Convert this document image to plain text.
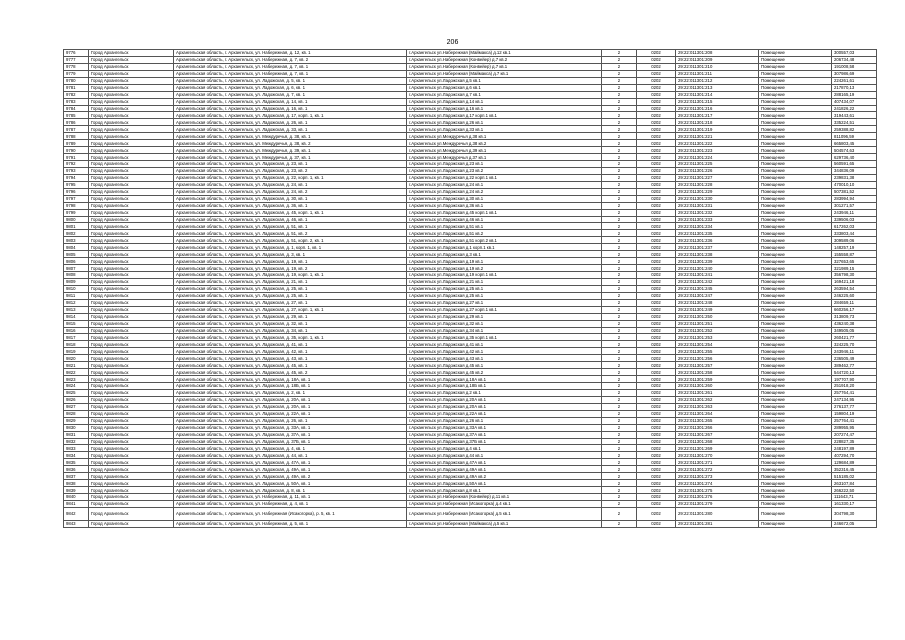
206
9776	Город Архангельск	Архангельская область, г. Архангельск, ул. Набережная, д. 12, кв. 1	г.Архангельск ул.Набережная (Маймакса) д.12 кв.1	2	0202	29:22:011301:208	Помещение	300557,03
9777	Город Архангельск	Архангельская область, г. Архангельск, ул. Набережная, д. 7, кв. 2	г.Архангельск ул.Набережная (Конвейер) д.7 кв.2	2	0202	29:22:011301:209	Помещение	206734,48
9778	Город Архангельск	Архангельская область, г. Архангельск, ул. Набережная, д. 7, кв. 1	г.Архангельск ул.Набережная (Конвейер) д.7 кв.1	2	0202	29:22:011301:210	Помещение	191008,58
9779	Город Архангельск	Архангельская область, г. Архангельск, ул. Набережная, д. 7, кв. 1	г.Архангельск ул.Набережная (Маймакса) д.7 кв.1	2	0202	29:22:011301:211	Помещение	307986,69
9780	Город Архангельск	Архангельская область, г. Архангельск, ул. Ладожская, д. 5, кв. 1	г.Архангельск ул.Ладожская д.5 кв.1	2	0202	29:22:011301:212	Помещение	224261,61
9781	Город Архангельск	Архангельская область, г. Архангельск, ул. Ладожская, д. 6, кв. 1	г.Архангельск ул.Ладожская д.6 кв.1	2	0202	29:22:011301:213	Помещение	217870,13
9782	Город Архангельск	Архангельская область, г. Архангельск, ул. Ладожская, д. 7, кв. 1	г.Архангельск ул.Ладожская д.7 кв.1	2	0202	29:22:011301:214	Помещение	288165,19
9783	Город Архангельск	Архангельская область, г. Архангельск, ул. Ладожская, д. 14, кв. 1	г.Архангельск ул.Ладожская д.14 кв.1	2	0202	29:22:011301:215	Помещение	407434,07
9784	Город Архангельск	Архангельская область, г. Архангельск, ул. Ладожская, д. 16, кв. 1	г.Архангельск ул.Ладожская д.16 кв.1	2	0202	29:22:011301:216	Помещение	241826,22
9785	Город Архангельск	Архангельская область, г. Архангельск, ул. Ладожская, д. 17, корп. 1, кв. 1	г.Архангельск ул.Ладожская д.17 корп.1 кв.1	2	0202	29:22:011301:217	Помещение	319443,61
9786	Город Архангельск	Архангельская область, г. Архангельск, ул. Ладожская, д. 26, кв. 1	г.Архангельск ул.Ладожская д.26 кв.1	2	0202	29:22:011301:218	Помещение	335224,51
9787	Город Архангельск	Архангельская область, г. Архангельск, ул. Ладожская, д. 33, кв. 1	г.Архангельск ул.Ладожская д.33 кв.1	2	0202	29:22:011301:219	Помещение	259388,82
9788	Город Архангельск	Архангельская область, г. Архангельск, ул. Междуречья, д. 38, кв. 1	г.Архангельск ул.Междуречья д.38 кв.1	2	0202	29:22:011301:221	Помещение	811096,59
9789	Город Архангельск	Архангельская область, г. Архангельск, ул. Междуречья, д. 38, кв. 2	г.Архангельск ул.Междуречья д.38 кв.2	2	0202	29:22:011301:222	Помещение	665803,45
9790	Город Архангельск	Архангельская область, г. Архангельск, ул. Междуречья, д. 39, кв. 1	г.Архангельск ул.Междуречья д.39 кв.1	2	0202	29:22:011301:223	Помещение	504574,63
9791	Город Архангельск	Архангельская область, г. Архангельск, ул. Междуречья, д. 37, кв. 1	г.Архангельск ул.Междуречья д.37 кв.1	2	0202	29:22:011301:224	Помещение	629736,40
9792	Город Архангельск	Архангельская область, г. Архангельск, ул. Ладожская, д. 23, кв. 1	г.Архангельск ул.Ладожская д.23 кв.1	2	0202	29:22:011301:225	Помещение	560591,65
9793	Город Архангельск	Архангельская область, г. Архангельск, ул. Ладожская, д. 23, кв. 2	г.Архангельск ул.Ладожская д.23 кв.2	2	0202	29:22:011301:226	Помещение	344836,09
9794	Город Архангельск	Архангельская область, г. Архангельск, ул. Ладожская, д. 22, корп. 1, кв. 1	г.Архангельск ул.Ладожская д.22 корп.1 кв.1	2	0202	29:22:011301:227	Помещение	239831,38
9795	Город Архангельск	Архангельская область, г. Архангельск, ул. Ладожская, д. 24, кв. 1	г.Архангельск ул.Ладожская д.24 кв.1	2	0202	29:22:011301:228	Помещение	470010,10
9796	Город Архангельск	Архангельская область, г. Архангельск, ул. Ладожская, д. 24, кв. 2	г.Архангельск ул.Ладожская д.24 кв.2	2	0202	29:22:011301:229	Помещение	507381,52
9797	Город Архангельск	Архангельская область, г. Архангельск, ул. Ладожская, д. 30, кв. 1	г.Архангельск ул.Ладожская д.30 кв.1	2	0202	29:22:011301:230	Помещение	283994,94
9798	Город Архангельск	Архангельская область, г. Архангельск, ул. Ладожская, д. 36, кв. 1	г.Архангельск ул.Ладожская д.36 кв.1	2	0202	29:22:011301:231	Помещение	301271,57
9799	Город Архангельск	Архангельская область, г. Архангельск, ул. Ладожская, д. 45, корп. 1, кв. 1	г.Архангельск ул.Ладожская д.45 корп.1 кв.1	2	0202	29:22:011301:232	Помещение	243946,11
9800	Город Архангельск	Архангельская область, г. Архангельск, ул. Ладожская, д. 46, кв. 1	г.Архангельск ул.Ладожская д.46 кв.1	2	0202	29:22:011301:233	Помещение	339506,03
9801	Город Архангельск	Архангельская область, г. Архангельск, ул. Ладожская, д. 51, кв. 1	г.Архангельск ул.Ладожская д.51 кв.1	2	0202	29:22:011301:234	Помещение	617262,03
9802	Город Архангельск	Архангельская область, г. Архангельск, ул. Ладожская, д. 51, кв. 2	г.Архангельск ул.Ладожская д.51 кв.2	2	0202	29:22:011301:235	Помещение	333803,44
9803	Город Архангельск	Архангельская область, г. Архангельск, ул. Ладожская, д. 51, корп. 2, кв. 1	г.Архангельск ул.Ладожская д.51 корп.2 кв.1	2	0202	29:22:011301:236	Помещение	309589,06
9804	Город Архангельск	Архангельская область, г. Архангельск, ул. Ладожская, д. 1, корп. 1, кв. 1	г.Архангельск ул.Ладожская д.1 корп.1 кв.1	2	0202	29:22:011301:237	Помещение	148257,19
9805	Город Архангельск	Архангельская область, г. Архангельск, ул. Ладожская, д. 3, кв. 1	г.Архангельск ул.Ладожская д.3 кв.1	2	0202	29:22:011301:238	Помещение	155558,87
9806	Город Архангельск	Архангельская область, г. Архангельск, ул. Ладожская, д. 19, кв. 1	г.Архангельск ул.Ладожская д.19 кв.1	2	0202	29:22:011301:239	Помещение	327653,65
9807	Город Архангельск	Архангельская область, г. Архангельск, ул. Ладожская, д. 19, кв. 2	г.Архангельск ул.Ладожская д.19 кв.2	2	0202	29:22:011301:240	Помещение	321989,15
9808	Город Архангельск	Архангельская область, г. Архангельск, ул. Ладожская, д. 19, корп. 1, кв. 1	г.Архангельск ул.Ладожская д.19 корп.1 кв.1	2	0202	29:22:011301:241	Помещение	356798,30
9809	Город Архангельск	Архангельская область, г. Архангельск, ул. Ладожская, д. 21, кв. 1	г.Архангельск ул.Ладожская д.21 кв.1	2	0202	29:22:011301:242	Помещение	169421,18
9810	Город Архангельск	Архангельская область, г. Архангельск, ул. Ладожская, д. 25, кв. 1	г.Архангельск ул.Ладожская д.25 кв.1	2	0202	29:22:011301:245	Помещение	263594,54
9811	Город Архангельск	Архангельская область, г. Архангельск, ул. Ладожская, д. 25, кв. 1	г.Архангельск ул.Ладожская д.25 кв.1	2	0202	29:22:011301:247	Помещение	246225,60
9812	Город Архангельск	Архангельская область, г. Архангельск, ул. Ладожская, д. 27, кв. 1	г.Архангельск ул.Ладожская д.27 кв.1	2	0202	29:22:011301:248	Помещение	284659,11
9813	Город Архангельск	Архангельская область, г. Архангельск, ул. Ладожская, д. 27, корп. 1, кв. 1	г.Архангельск ул.Ладожская д.27 корп.1 кв.1	2	0202	29:22:011301:249	Помещение	660256,17
9814	Город Архангельск	Архангельская область, г. Архангельск, ул. Ладожская, д. 29, кв. 1	г.Архангельск ул.Ладожская д.29 кв.1	2	0202	29:22:011301:250	Помещение	313809,73
9815	Город Архангельск	Архангельская область, г. Архангельск, ул. Ладожская, д. 32, кв. 1	г.Архангельск ул.Ладожская д.32 кв.1	2	0202	29:22:011301:251	Помещение	436240,38
9816	Город Архангельск	Архангельская область, г. Архангельск, ул. Ладожская, д. 34, кв. 1	г.Архангельск ул.Ладожская д.34 кв.1	2	0202	29:22:011301:252	Помещение	349505,05
9817	Город Архангельск	Архангельская область, г. Архангельск, ул. Ладожская, д. 35, корп. 1, кв. 1	г.Архангельск ул.Ладожская д.35 корп.1 кв.1	2	0202	29:22:011301:253	Помещение	260421,77
9818	Город Архангельск	Архангельская область, г. Архангельск, ул. Ладожская, д. 41, кв. 1	г.Архангельск ул.Ладожская д.41 кв.1	2	0202	29:22:011301:254	Помещение	324225,70
9819	Город Архангельск	Архангельская область, г. Архангельск, ул. Ладожская, д. 42, кв. 1	г.Архангельск ул.Ладожская д.42 кв.1	2	0202	29:22:011301:255	Помещение	243946,11
9820	Город Архангельск	Архангельская область, г. Архангельск, ул. Ладожская, д. 43, кв. 1	г.Архангельск ул.Ладожская д.43 кв.1	2	0202	29:22:011301:256	Помещение	236505,49
9821	Город Архангельск	Архангельская область, г. Архангельск, ул. Ладожская, д. 45, кв. 1	г.Архангельск ул.Ладожская д.45 кв.1	2	0202	29:22:011301:257	Помещение	389462,77
9822	Город Архангельск	Архангельская область, г. Архангельск, ул. Ладожская, д. 45, кв. 2	г.Архангельск ул.Ладожская д.45 кв.2	2	0202	29:22:011301:258	Помещение	544720,13
9823	Город Архангельск	Архангельская область, г. Архангельск, ул. Ладожская, д. 18А, кв. 1	г.Архангельск ул.Ладожская д.18А кв.1	2	0202	29:22:011301:259	Помещение	197707,90
9824	Город Архангельск	Архангельская область, г. Архангельск, ул. Ладожская, д. 18Б, кв. 1	г.Архангельск ул.Ладожская д.18Б кв.1	2	0202	29:22:011301:260	Помещение	251918,20
9825	Город Архангельск	Архангельская область, г. Архангельск, ул. Ладожская, д. 2, кв. 1	г.Архангельск ул.Ладожская д.2 кв.1	2	0202	29:22:011301:261	Помещение	257764,41
9826	Город Архангельск	Архангельская область, г. Архангельск, ул. Ладожская, д. 20А, кв. 1	г.Архангельск ул.Ладожская д.20А кв.1	2	0202	29:22:011301:262	Помещение	247134,95
9827	Город Архангельск	Архангельская область, г. Архангельск, ул. Ладожская, д. 20А, кв. 1	г.Архангельск ул.Ладожская д.20А кв.1	2	0202	29:22:011301:263	Помещение	276137,77
9828	Город Архангельск	Архангельская область, г. Архангельск, ул. Ладожская, д. 22А, кв. 1	г.Архангельск ул.Ладожская д.22А кв.1	2	0202	29:22:011301:264	Помещение	159804,19
9829	Город Архангельск	Архангельская область, г. Архангельск, ул. Ладожская, д. 26, кв. 1	г.Архангельск ул.Ладожская д.26 кв.1	2	0202	29:22:011301:265	Помещение	257764,41
9830	Город Архангельск	Архангельская область, г. Архангельск, ул. Ладожская, д. 33А, кв. 1	г.Архангельск ул.Ладожская д.33А кв.1	2	0202	29:22:011301:266	Помещение	289955,95
9831	Город Архангельск	Архангельская область, г. Архангельск, ул. Ладожская, д. 37А, кв. 1	г.Архангельск ул.Ладожская д.37А кв.1	2	0202	29:22:011301:267	Помещение	207274,47
9832	Город Архангельск	Архангельская область, г. Архангельск, ул. Ладожская, д. 37Б, кв. 1	г.Архангельск ул.Ладожская д.37Б кв.1	2	0202	29:22:011301:268	Помещение	228827,35
9833	Город Архангельск	Архангельская область, г. Архангельск, ул. Ладожская, д. 4, кв. 1	г.Архангельск ул.Ладожская д.4 кв.1	2	0202	29:22:011301:269	Помещение	248197,89
9834	Город Архангельск	Архангельская область, г. Архангельск, ул. Ладожская, д. 44, кв. 1	г.Архангельск ул.Ладожская д.44 кв.1	2	0202	29:22:011301:270	Помещение	407294,70
9835	Город Архангельск	Архангельская область, г. Архангельск, ул. Ладожская, д. 47А, кв. 1	г.Архангельск ул.Ладожская д.47А кв.1	2	0202	29:22:011301:271	Помещение	129684,89
9836	Город Архангельск	Архангельская область, г. Архангельск, ул. Ладожская, д. 49А, кв. 1	г.Архангельск ул.Ладожская д.49А кв.1	2	0202	29:22:011301:272	Помещение	352316,45
9837	Город Архангельск	Архангельская область, г. Архангельск, ул. Ладожская, д. 49А, кв. 2	г.Архангельск ул.Ладожская д.49А кв.2	2	0202	29:22:011301:273	Помещение	515185,02
9838	Город Архангельск	Архангельская область, г. Архангельск, ул. Ладожская, д. 50А, кв. 1	г.Архангельск ул.Ладожская д.50А кв.1	2	0202	29:22:011301:274	Помещение	263107,84
9839	Город Архангельск	Архангельская область, г. Архангельск, ул. Ладожская, д. 8, кв. 1	г.Архангельск ул.Ладожская д.8 кв.1	2	0202	29:22:011301:275	Помещение	266222,50
9840	Город Архангельск	Архангельская область, г. Архангельск, ул. Набережная, д. 11, кв. 1	г.Архангельск ул.Набережная (Конвейер) д.11 кв.1	2	0202	29:22:011301:276	Помещение	111643,71
9841	Город Архангельск	Архангельская область, г. Архангельск, ул. Набережная, д. 4, кв. 1	г.Архангельск ул.Набережная (Исакогорка) д.4 кв.1	2	0202	29:22:011301:279	Помещение	161330,17
9842	Город Архангельск	Архангельская область, г. Архангельск, ул. Набережная (Исакогорка), р. 5, кв. 1	г.Архангельск ул.Набережная (Исакогорка) д.5 кв.1	2	0202	29:22:011301:280	Помещение	304798,30
9843	Город Архангельск	Архангельская область, г. Архангельск, ул. Набережная, д. 5, кв. 1	г.Архангельск ул.Набережная (Маймакса) д.5 кв.1	2	0202	29:22:011301:281	Помещение	246672,05
